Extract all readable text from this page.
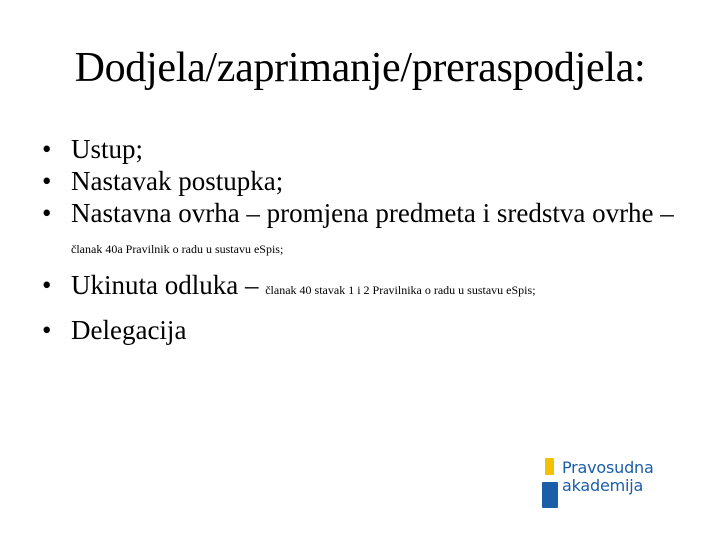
Dodjela/zaprimanje/preraspodjela:
• Ustup;
• Nastavak postupka;
• Nastavna ovrha – promjena predmeta i sredstva ovrhe – članak 40a Pravilnik o radu u sustavu eSpis;
• Ukinuta odluka – članak 40 stavak 1 i 2 Pravilnika o radu u sustavu eSpis;
• Delegacija
Pravosudna
akademija
